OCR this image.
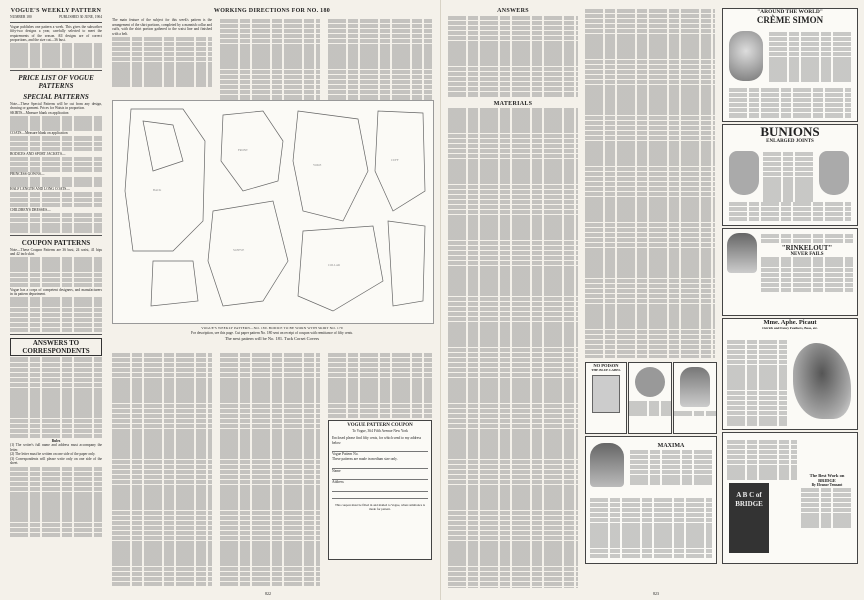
VOGUE'S WEEKLY PATTERN
NUMBER 180	PUBLISHED 30 JUNE, 1904
Vogue publishes one pattern a week. This gives the subscriber fifty-two designs a year, carefully selected to meet the requirements of the season. All designs are of correct proportions, and the size cut—36 bust.
PRICE LIST OF VOGUE PATTERNS
SPECIAL PATTERNS
Note—These Special Patterns will be cut from any design, drawing or garment. Prices for Waists in proportion.
SKIRTS—Measure blank on application
COATS—Measure blank on application
BODICES AND SPORT JACKETS—
PRINCESS GOWNS—
HALF LENGTH AND LONG COATS—
CHILDREN'S DRESSES—
COUPON PATTERNS
Note—These Coupon Patterns are 36 bust, 24 waist, 41 hips and 42 inch skirt.
Vogue has a corps of competent designers, and manufacturers in its pattern department.
ANSWERS TO CORRESPONDENTS
Rules
(1) The writer's full name and address must accompany the letter.
(2) The letter must be written on one side of the paper only.
(3) Correspondents will please write only on one side of the sheet.
WORKING DIRECTIONS FOR NO. 180
The main feature of the subject for this week's pattern is the arrangement of the shirt portions, completed by a mannish collar and cuffs, with the shirt portion gathered to the waist line and finished with a belt.
BACK
FRONT
SLEEVE
YOKE
COLLAR
CUFF
VOGUE'S WEEKLY PATTERN—NO. 180. BODICE TO BE WORN WITH SKIRT NO. 179
For description, see this page. Cut paper pattern No. 180 sent on receipt of coupon with remittance of fifty cents.
The next pattern will be No. 181. Tuck Corset Covers
VOGUE PATTERN COUPON
To Vogue, 364 Fifth Avenue New York
Enclosed please find fifty cents, for which send to my address below
Vogue Pattern No.
These patterns are made in medium size only.
Name
Address
This coupon must be filled in and mailed to Vogue, when remittance is made for pattern.
822
ANSWERS
MATERIALS
NO POISON
THE BLUE LABEL
MAXIMA
"AROUND THE WORLD"
CRÈME SIMON
BUNIONS
ENLARGED JOINTS
"RINKELOUT"
NEVER FAILS
Mme. Aphe. Picaut
Ostrich and Fancy Feathers, Boas, etc.
A B C of BRIDGE
The Best Work on BRIDGE
By Eleanor Tennant
823
